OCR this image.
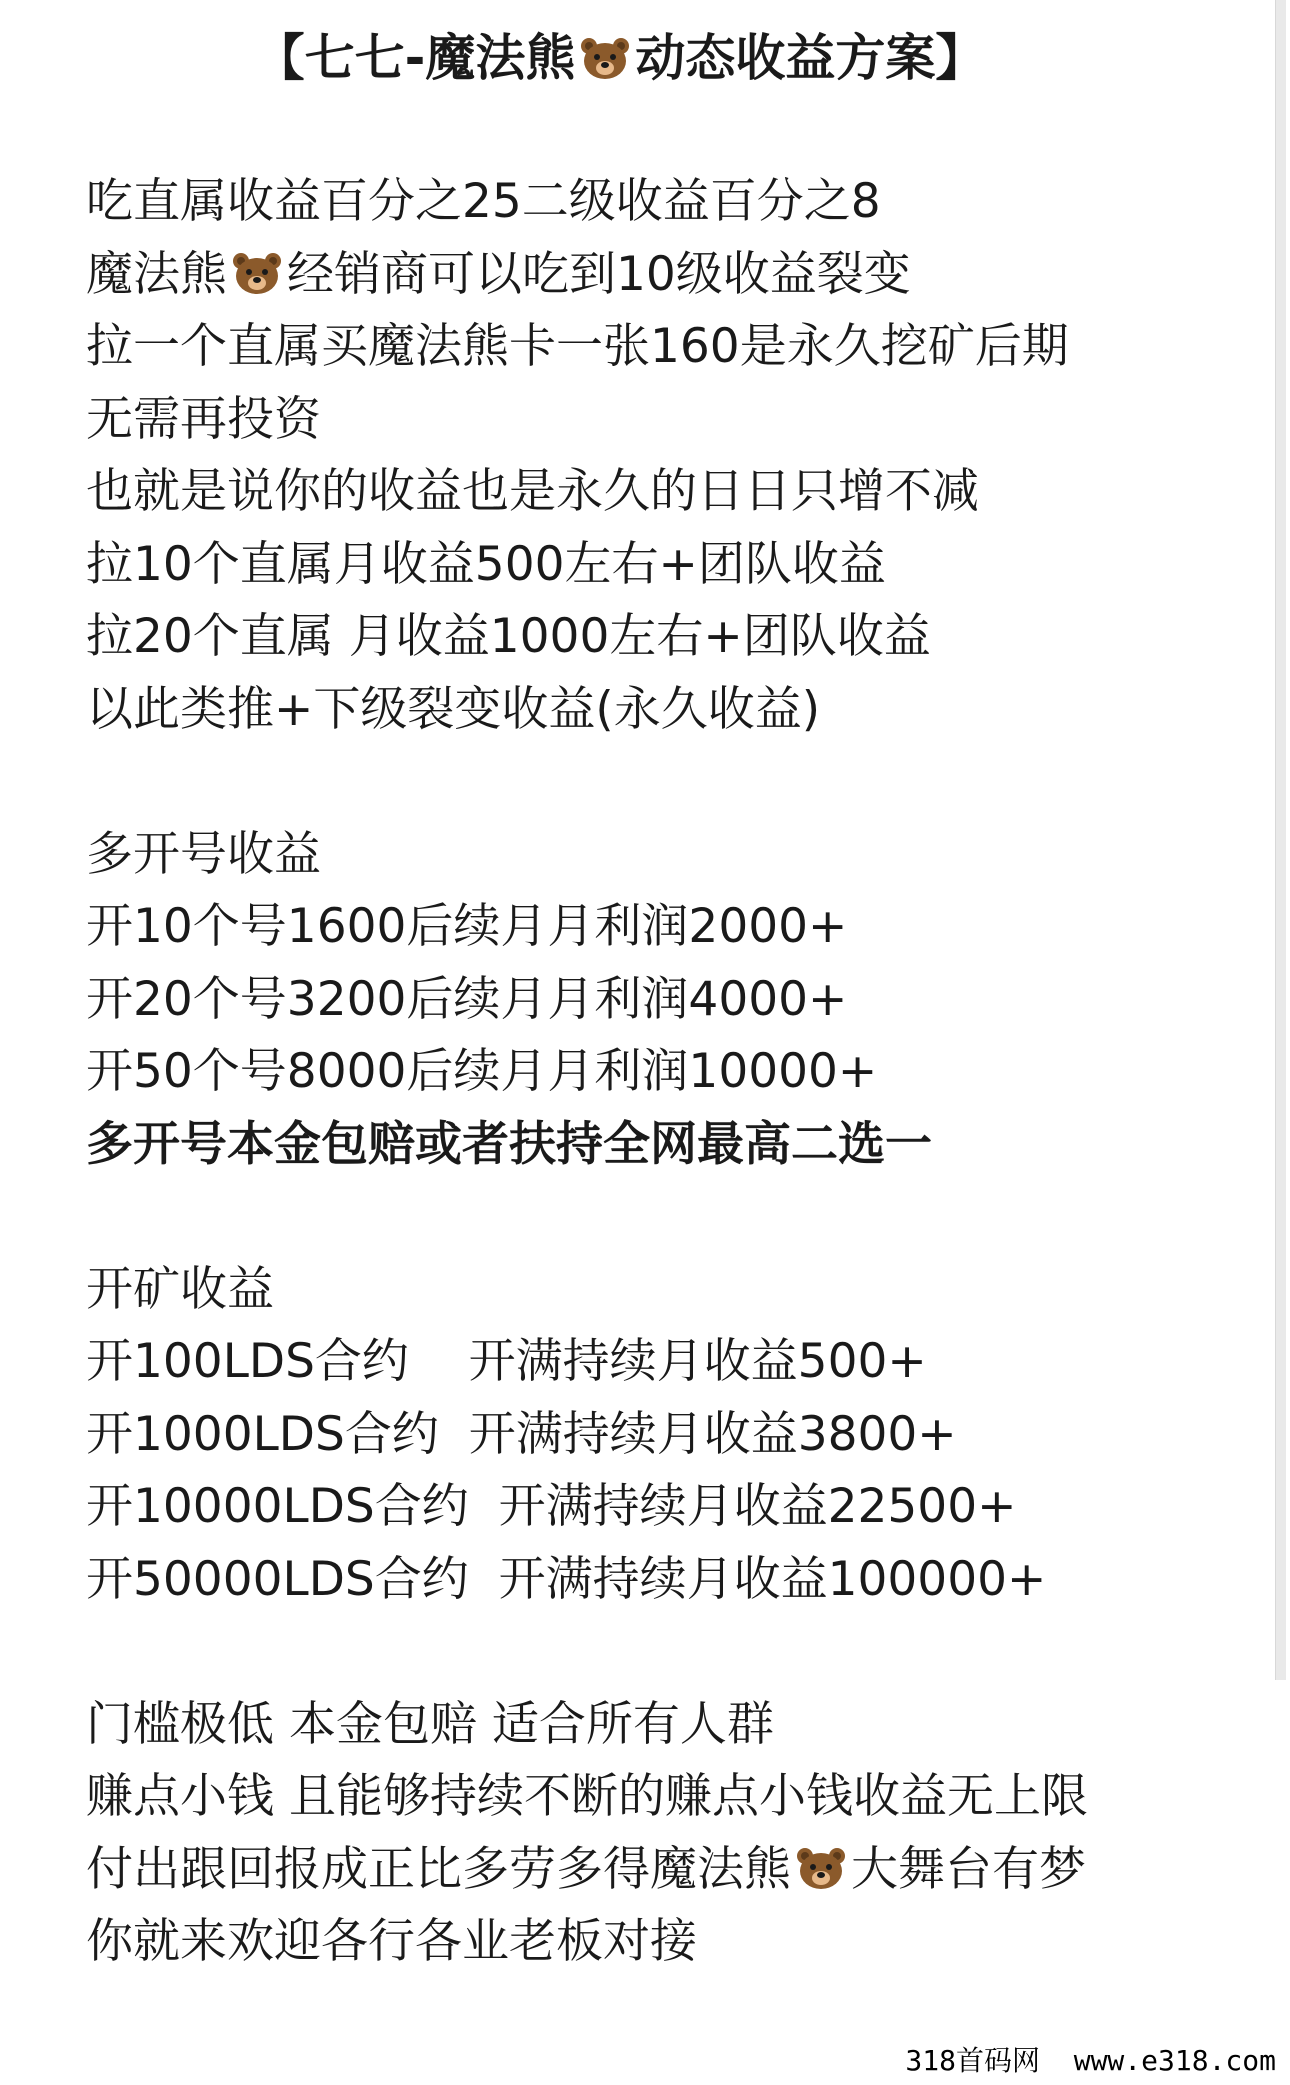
【七七-魔法熊 动态收益方案】
吃直属收益百分之25二级收益百分之8
魔法熊 经销商可以吃到10级收益裂变
拉一个直属买魔法熊卡一张160是永久挖矿后期
无需再投资
也就是说你的收益也是永久的日日只增不减
拉10个直属月收益500左右+团队收益
拉20个直属 月收益1000左右+团队收益
以此类推+下级裂变收益(永久收益)
多开号收益
开10个号1600后续月月利润2000+
开20个号3200后续月月利润4000+
开50个号8000后续月月利润10000+
多开号本金包赔或者扶持全网最高二选一
开矿收益
开100LDS合约    开满持续月收益500+
开1000LDS合约  开满持续月收益3800+
开10000LDS合约  开满持续月收益22500+
开50000LDS合约  开满持续月收益100000+
门槛极低 本金包赔 适合所有人群
赚点小钱 且能够持续不断的赚点小钱收益无上限
付出跟回报成正比多劳多得魔法熊 大舞台有梦
你就来欢迎各行各业老板对接
318首码网  www.e318.com
